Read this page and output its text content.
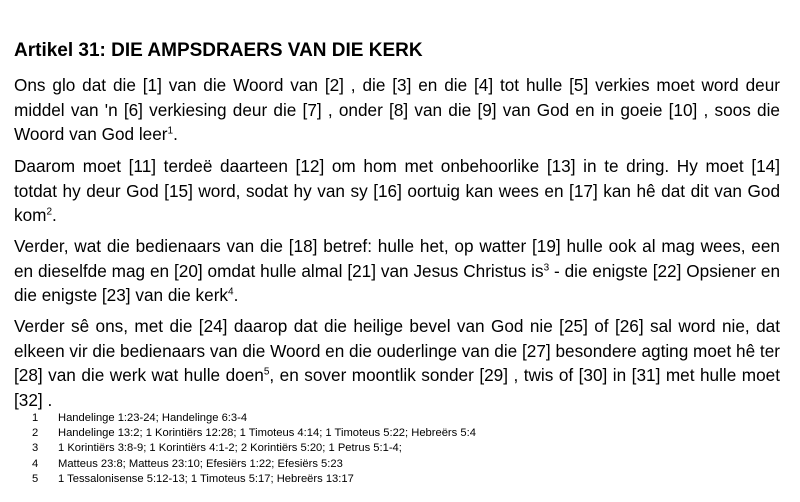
Artikel 31: DIE AMPSDRAERS VAN DIE KERK

Ons glo dat die [1] van die Woord van [2] , die [3] en die [4] tot hulle [5] verkies moet word deur middel van 'n [6] verkiesing deur die [7] , onder [8] van die [9] van God en in goeie [10] , soos die Woord van God leer$^1$.

Daarom moet [11] terdeë daarteen [12] om hom met onbehoorlike [13] in te dring. Hy moet [14] totdat hy deur God [15] word, sodat hy van sy [16] oortuig kan wees en [17] kan hê dat dit van God kom$^2$.

Verder, wat die bedienaars van die [18] betref: hulle het, op watter [19] hulle ook al mag wees, een en dieselfde mag en [20] omdat hulle almal [21] van Jesus Christus $is^3$ - die enigste [22] Opsiener en die enigste [23] van die kerk$^4$.

Verder sê ons, met die [24] daarop dat die heilige bevel van God nie [25] of [26] sal word nie, dat elkeen vir die bedienaars van die Woord en die ouderlinge van die [27] besondere agting moet hê ter [28] van die werk wat hulle doen$^5$, en sover moontlik sonder [29] , twis of [30] in [31] met hulle moet [32] .

1	Handelinge 1:23-24; Handelinge 6:3-4
2	Handelinge 13:2; 1 Korintiërs 12:28; 1 Timoteus 4:14; 1 Timoteus 5:22; Hebreërs 5:4
3	1 Korintiërs 3:8-9; 1 Korintiërs 4:1-2; 2 Korintiërs 5:20; 1 Petrus 5:1-4;
4	Matteus 23:8; Matteus 23:10; Efesiërs 1:22; Efesiërs 5:23
5	1 Tessalonisense 5:12-13; 1 Timoteus 5:17; Hebreërs 13:17
